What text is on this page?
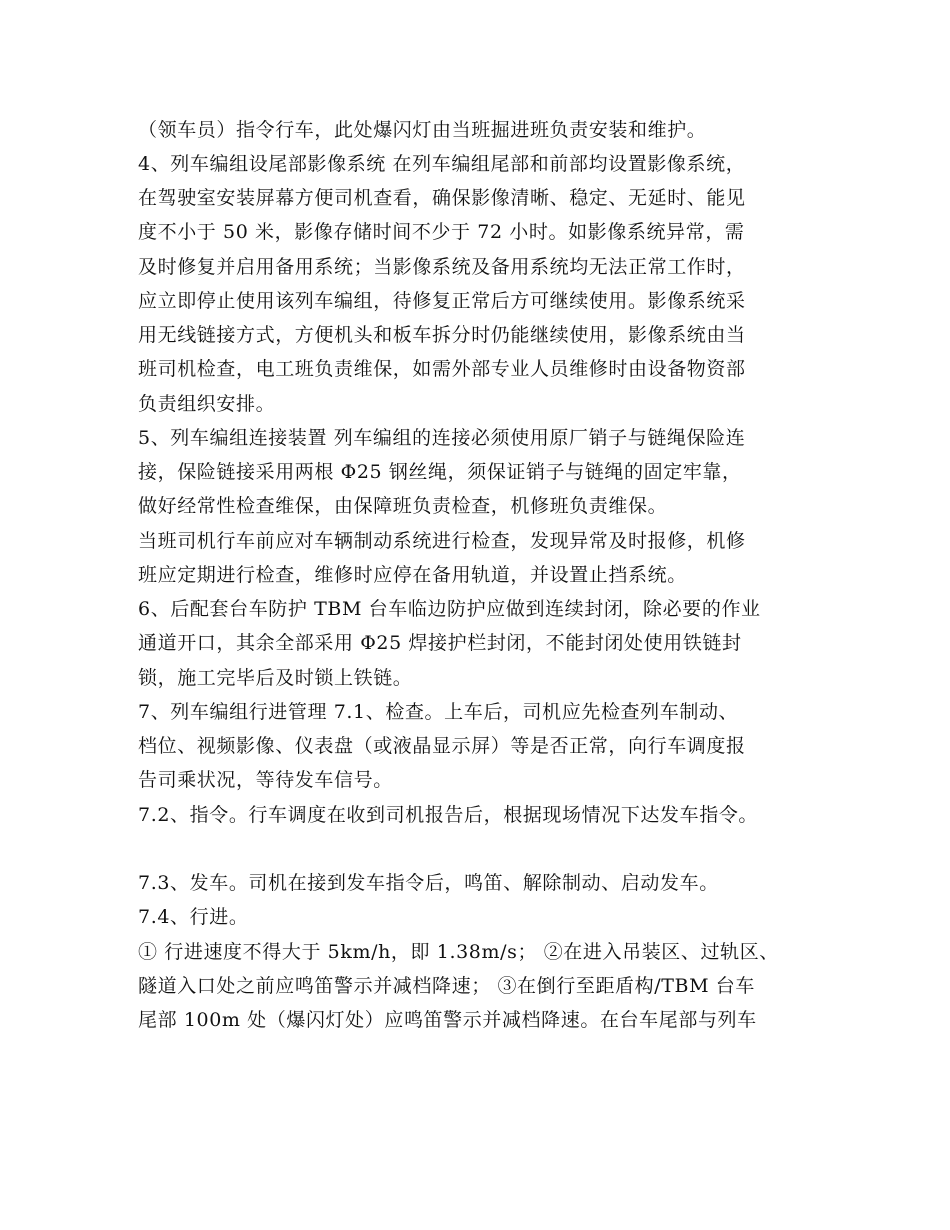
（领车员）指令行车，此处爆闪灯由当班掘进班负责安装和维护。
4、列车编组设尾部影像系统 在列车编组尾部和前部均设置影像系统，
在驾驶室安装屏幕方便司机查看，确保影像清晰、稳定、无延时、能见
度不小于 50 米，影像存储时间不少于 72 小时。如影像系统异常，需
及时修复并启用备用系统；当影像系统及备用系统均无法正常工作时，
应立即停止使用该列车编组，待修复正常后方可继续使用。影像系统采
用无线链接方式，方便机头和板车拆分时仍能继续使用，影像系统由当
班司机检查，电工班负责维保，如需外部专业人员维修时由设备物资部
负责组织安排。
5、列车编组连接装置 列车编组的连接必须使用原厂销子与链绳保险连
接，保险链接采用两根 Φ25 钢丝绳，须保证销子与链绳的固定牢靠，
做好经常性检查维保，由保障班负责检查，机修班负责维保。
当班司机行车前应对车辆制动系统进行检查，发现异常及时报修，机修
班应定期进行检查，维修时应停在备用轨道，并设置止挡系统。
6、后配套台车防护 TBM 台车临边防护应做到连续封闭，除必要的作业
通道开口，其余全部采用 Φ25 焊接护栏封闭，不能封闭处使用铁链封
锁，施工完毕后及时锁上铁链。
7、列车编组行进管理 7.1、检查。上车后，司机应先检查列车制动、
档位、视频影像、仪表盘（或液晶显示屏）等是否正常，向行车调度报
告司乘状况，等待发车信号。
7.2、指令。行车调度在收到司机报告后，根据现场情况下达发车指令。
7.3、发车。司机在接到发车指令后，鸣笛、解除制动、启动发车。
7.4、行进。
① 行进速度不得大于 5km/h，即 1.38m/s； ②在进入吊装区、过轨区、
隧道入口处之前应鸣笛警示并减档降速； ③在倒行至距盾构/TBM 台车
尾部 100m 处（爆闪灯处）应鸣笛警示并减档降速。在台车尾部与列车
